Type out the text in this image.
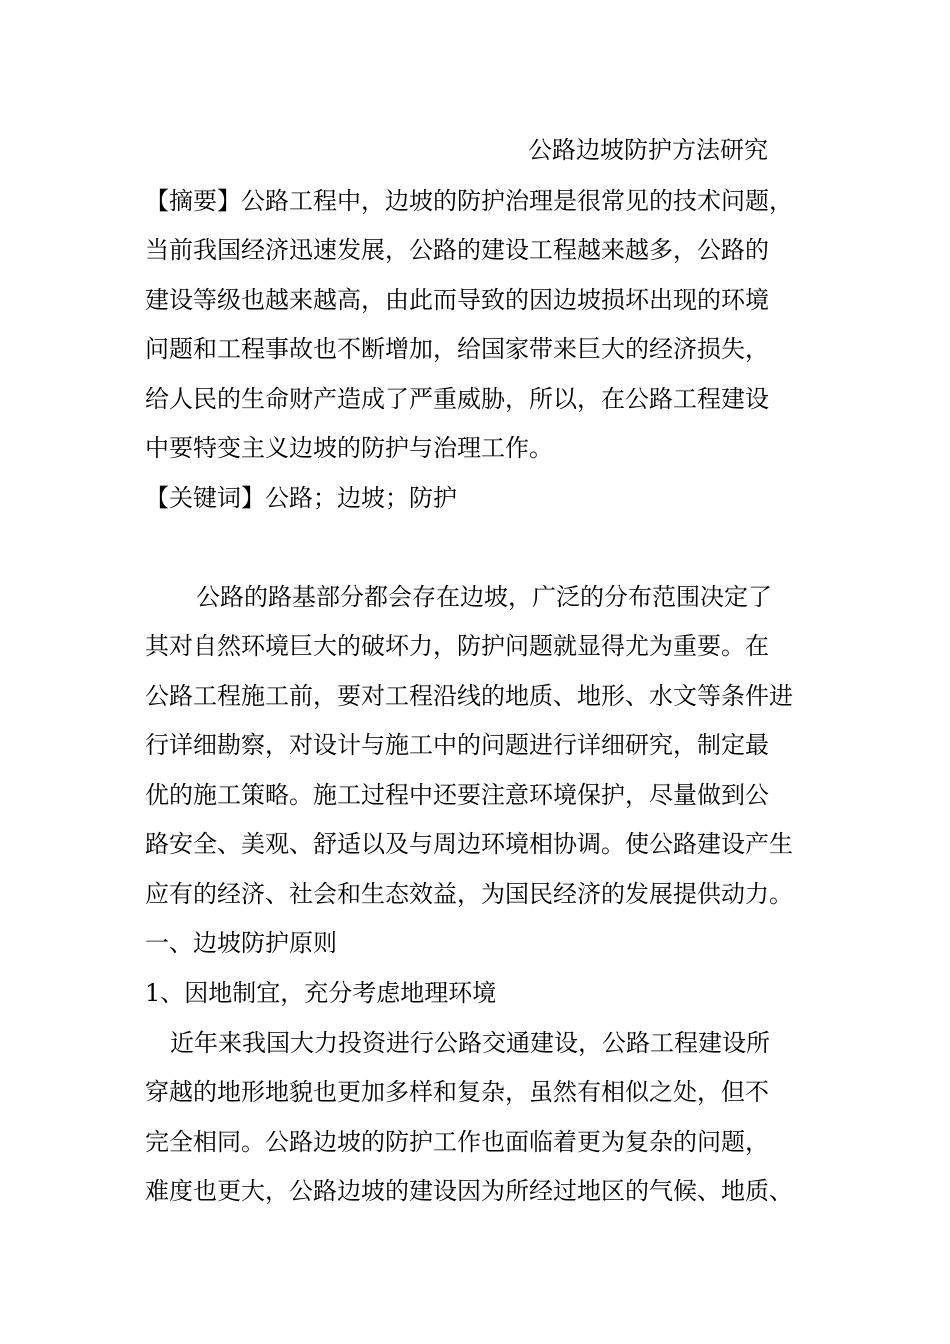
公路边坡防护方法研究
【摘要】公路工程中，边坡的防护治理是很常见的技术问题，
当前我国经济迅速发展，公路的建设工程越来越多，公路的
建设等级也越来越高，由此而导致的因边坡损坏出现的环境
问题和工程事故也不断增加，给国家带来巨大的经济损失，
给人民的生命财产造成了严重威胁，所以，在公路工程建设
中要特变主义边坡的防护与治理工作。
【关键词】公路；边坡；防护
公路的路基部分都会存在边坡，广泛的分布范围决定了
其对自然环境巨大的破坏力，防护问题就显得尤为重要。在
公路工程施工前，要对工程沿线的地质、地形、水文等条件进
行详细勘察，对设计与施工中的问题进行详细研究，制定最
优的施工策略。施工过程中还要注意环境保护，尽量做到公
路安全、美观、舒适以及与周边环境相协调。使公路建设产生
应有的经济、社会和生态效益，为国民经济的发展提供动力。
一、边坡防护原则
1、因地制宜，充分考虑地理环境
近年来我国大力投资进行公路交通建设，公路工程建设所
穿越的地形地貌也更加多样和复杂，虽然有相似之处，但不
完全相同。公路边坡的防护工作也面临着更为复杂的问题，
难度也更大，公路边坡的建设因为所经过地区的气候、地质、
